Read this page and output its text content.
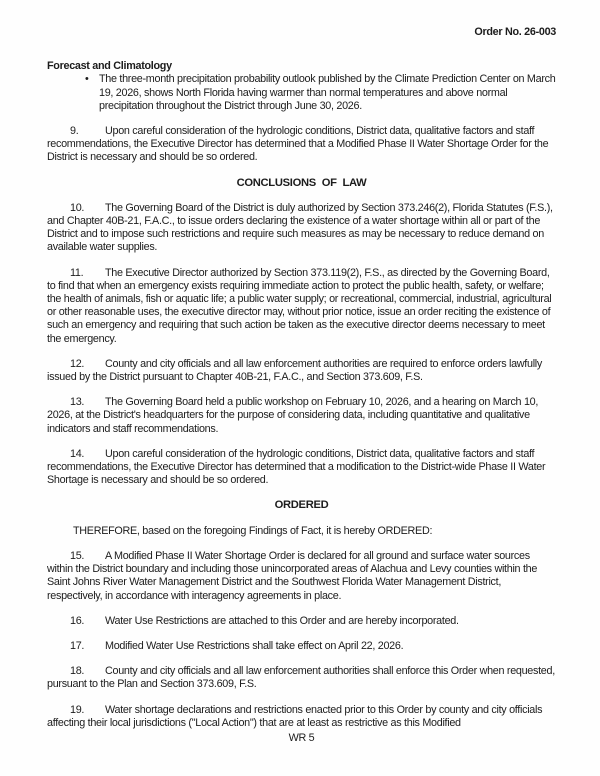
Order No. 26-003
Forecast and Climatology
• The three-month precipitation probability outlook published by the Climate Prediction Center on March 19, 2026, shows North Florida having warmer than normal temperatures and above normal precipitation throughout the District through June 30, 2026.

9. Upon careful consideration of the hydrologic conditions, District data, qualitative factors and staff recommendations, the Executive Director has determined that a Modified Phase II Water Shortage Order for the District is necessary and should be so ordered.

CONCLUSIONS OF LAW

10. The Governing Board of the District is duly authorized by Section 373.246(2), Florida Statutes (F.S.), and Chapter 40B-21, F.A.C., to issue orders declaring the existence of a water shortage within all or part of the District and to impose such restrictions and require such measures as may be necessary to reduce demand on available water supplies.

11. The Executive Director authorized by Section 373.119(2), F.S., as directed by the Governing Board, to find that when an emergency exists requiring immediate action to protect the public health, safety, or welfare; the health of animals, fish or aquatic life; a public water supply; or recreational, commercial, industrial, agricultural or other reasonable uses, the executive director may, without prior notice, issue an order reciting the existence of such an emergency and requiring that such action be taken as the executive director deems necessary to meet the emergency.

12. County and city officials and all law enforcement authorities are required to enforce orders lawfully issued by the District pursuant to Chapter 40B-21, F.A.C., and Section 373.609, F.S.

13. The Governing Board held a public workshop on February 10, 2026, and a hearing on March 10, 2026, at the District's headquarters for the purpose of considering data, including quantitative and qualitative indicators and staff recommendations.

14. Upon careful consideration of the hydrologic conditions, District data, qualitative factors and staff recommendations, the Executive Director has determined that a modification to the District-wide Phase II Water Shortage is necessary and should be so ordered.

ORDERED

THEREFORE, based on the foregoing Findings of Fact, it is hereby ORDERED:

15. A Modified Phase II Water Shortage Order is declared for all ground and surface water sources within the District boundary and including those unincorporated areas of Alachua and Levy counties within the Saint Johns River Water Management District and the Southwest Florida Water Management District, respectively, in accordance with interagency agreements in place.

16. Water Use Restrictions are attached to this Order and are hereby incorporated.

17. Modified Water Use Restrictions shall take effect on April 22, 2026.

18. County and city officials and all law enforcement authorities shall enforce this Order when requested, pursuant to the Plan and Section 373.609, F.S.

19. Water shortage declarations and restrictions enacted prior to this Order by county and city officials affecting their local jurisdictions ("Local Action") that are at least as restrictive as this Modified

WR 5
